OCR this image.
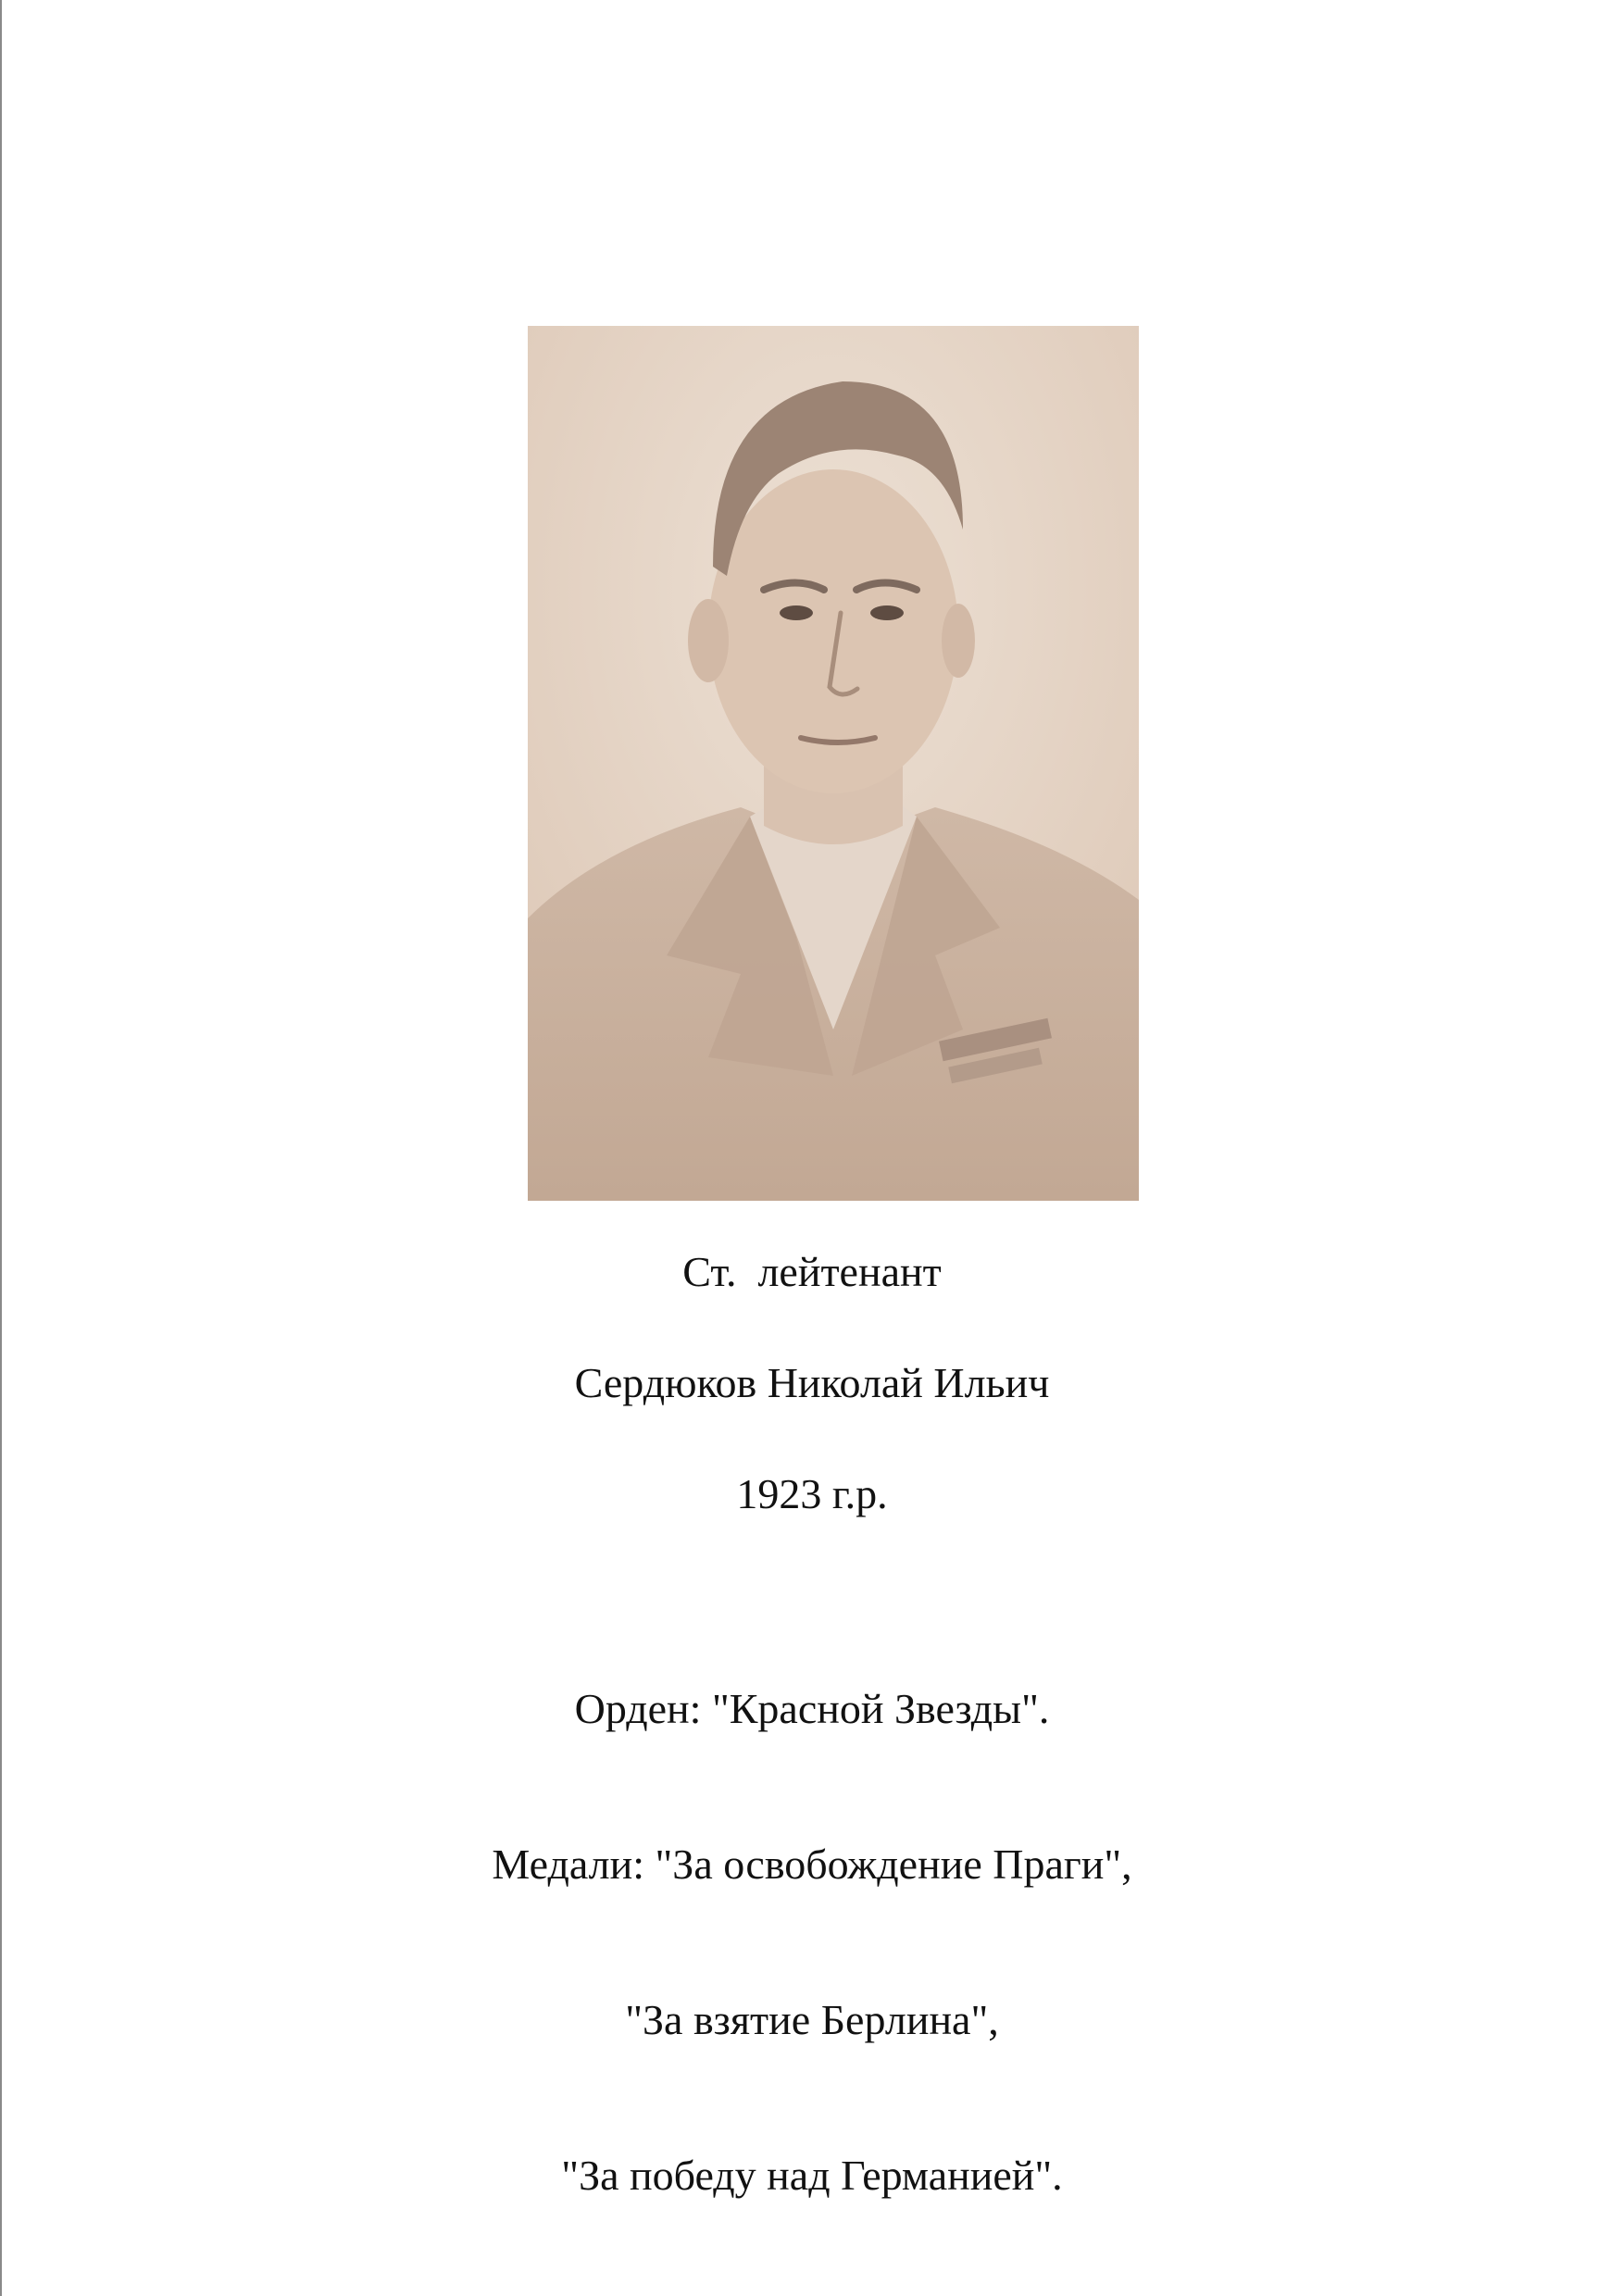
Ст.  лейтенант
Сердюков Николай Ильич
1923 г.р.

Орден: "Красной Звезды".

Медали: "За освобождение Праги",

"За взятие Берлина",

"За победу над Германией".
